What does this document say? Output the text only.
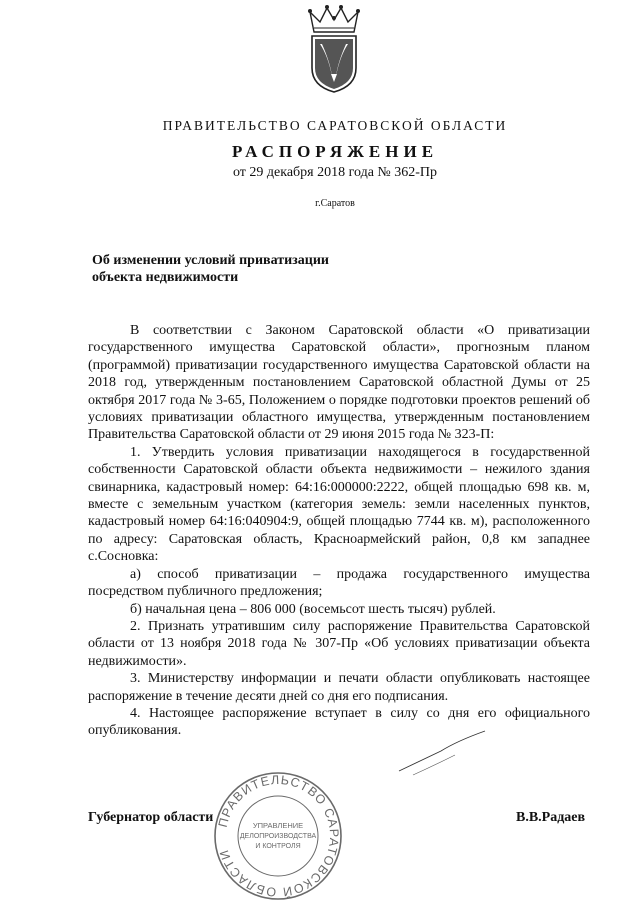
ПРАВИТЕЛЬСТВО САРАТОВСКОЙ ОБЛАСТИ
РАСПОРЯЖЕНИЕ
от 29 декабря 2018 года № 362-Пр
г.Саратов
Об изменении условий приватизации
объекта недвижимости

В соответствии с Законом Саратовской области «О приватизации государственного имущества Саратовской области», прогнозным планом (программой) приватизации государственного имущества Саратовской области на 2018 год, утвержденным постановлением Саратовской областной Думы от 25 октября 2017 года № 3-65, Положением о порядке подготовки проектов решений об условиях приватизации областного имущества, утвержденным постановлением Правительства Саратовской области от 29 июня 2015 года № 323-П:

1. Утвердить условия приватизации находящегося в государственной собственности Саратовской области объекта недвижимости – нежилого здания свинарника, кадастровый номер: 64:16:000000:2222, общей площадью 698 кв. м, вместе с земельным участком (категория земель: земли населенных пунктов, кадастровый номер 64:16:040904:9, общей площадью 7744 кв. м), расположенного по адресу: Саратовская область, Красноармейский район, 0,8 км западнее с.Сосновка:

а) способ приватизации – продажа государственного имущества посредством публичного предложения;

б) начальная цена – 806 000 (восемьсот шесть тысяч) рублей.

2. Признать утратившим силу распоряжение Правительства Саратовской области от 13 ноября 2018 года № 307-Пр «Об условиях приватизации объекта недвижимости».

3. Министерству информации и печати области опубликовать настоящее распоряжение в течение десяти дней со дня его подписания.

4. Настоящее распоряжение вступает в силу со дня его официального опубликования.

Губернатор области	В.В.Радаев
ПРАВИТЕЛЬСТВО САРАТОВСКОЙ ОБЛАСТИ
УПРАВЛЕНИЕ
ДЕЛОПРОИЗВОДСТВА
И КОНТРОЛЯ
